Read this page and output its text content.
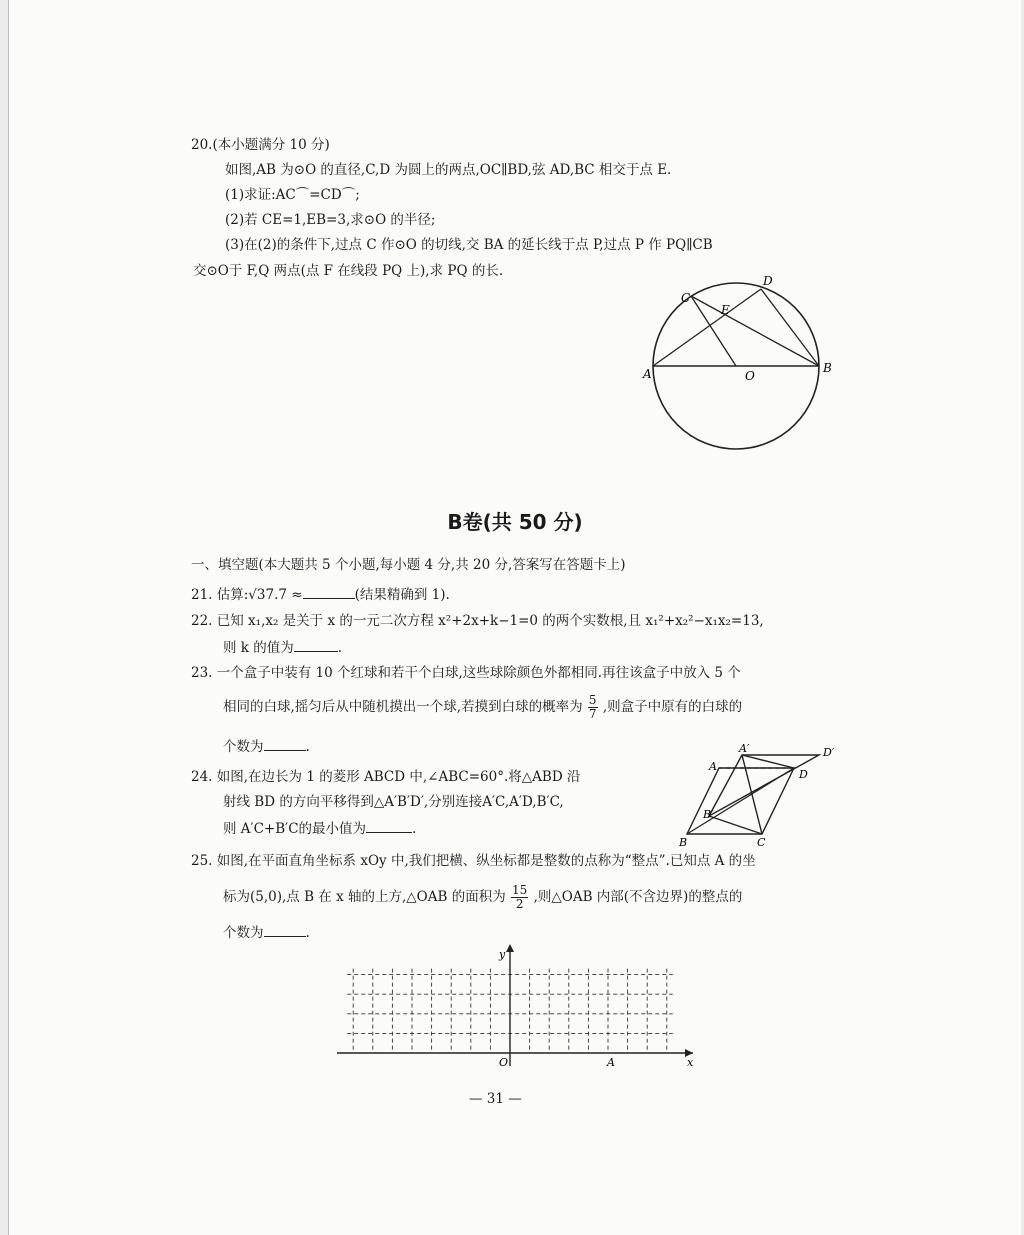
20.(本小题满分 10 分)
如图,AB 为⊙O 的直径,C,D 为圆上的两点,OC∥BD,弦 AD,BC 相交于点 E.
(1)求证:AC⌒=CD⌒;
(2)若 CE=1,EB=3,求⊙O 的半径;
(3)在(2)的条件下,过点 C 作⊙O 的切线,交 BA 的延长线于点 P,过点 P 作 PQ∥CB
交⊙O于 F,Q 两点(点 F 在线段 PQ 上),求 PQ 的长.
A	B
C
D
E
O
B卷(共 50 分)
一、填空题(本大题共 5 个小题,每小题 4 分,共 20 分,答案写在答题卡上)
21. 估算:√37.7 ≈	(结果精确到 1).
22. 已知 x₁,x₂ 是关于 x 的一元二次方程 x²+2x+k−1=0 的两个实数根,且 x₁²+x₂²−x₁x₂=13,
则 k 的值为	.
23. 一个盒子中装有 10 个红球和若干个白球,这些球除颜色外都相同.再往该盒子中放入 5 个
相同的白球,摇匀后从中随机摸出一个球,若摸到白球的概率为 $\frac{5}{7}$ ,则盒子中原有的白球的
个数为	.
24. 如图,在边长为 1 的菱形 ABCD 中,∠ABC=60°.将△ABD 沿
射线 BD 的方向平移得到△A′B′D′,分别连接A′C,A′D,B′C,
则 A′C+B′C的最小值为	.
A
A′
D
D′
B
B′
C
25. 如图,在平面直角坐标系 xOy 中,我们把横、纵坐标都是整数的点称为“整点”.已知点 A 的坐
标为(5,0),点 B 在 x 轴的上方,△OAB 的面积为 $\frac{15}{2}$ ,则△OAB 内部(不含边界)的整点的
个数为	.
y
x
O	A
— 31 —
